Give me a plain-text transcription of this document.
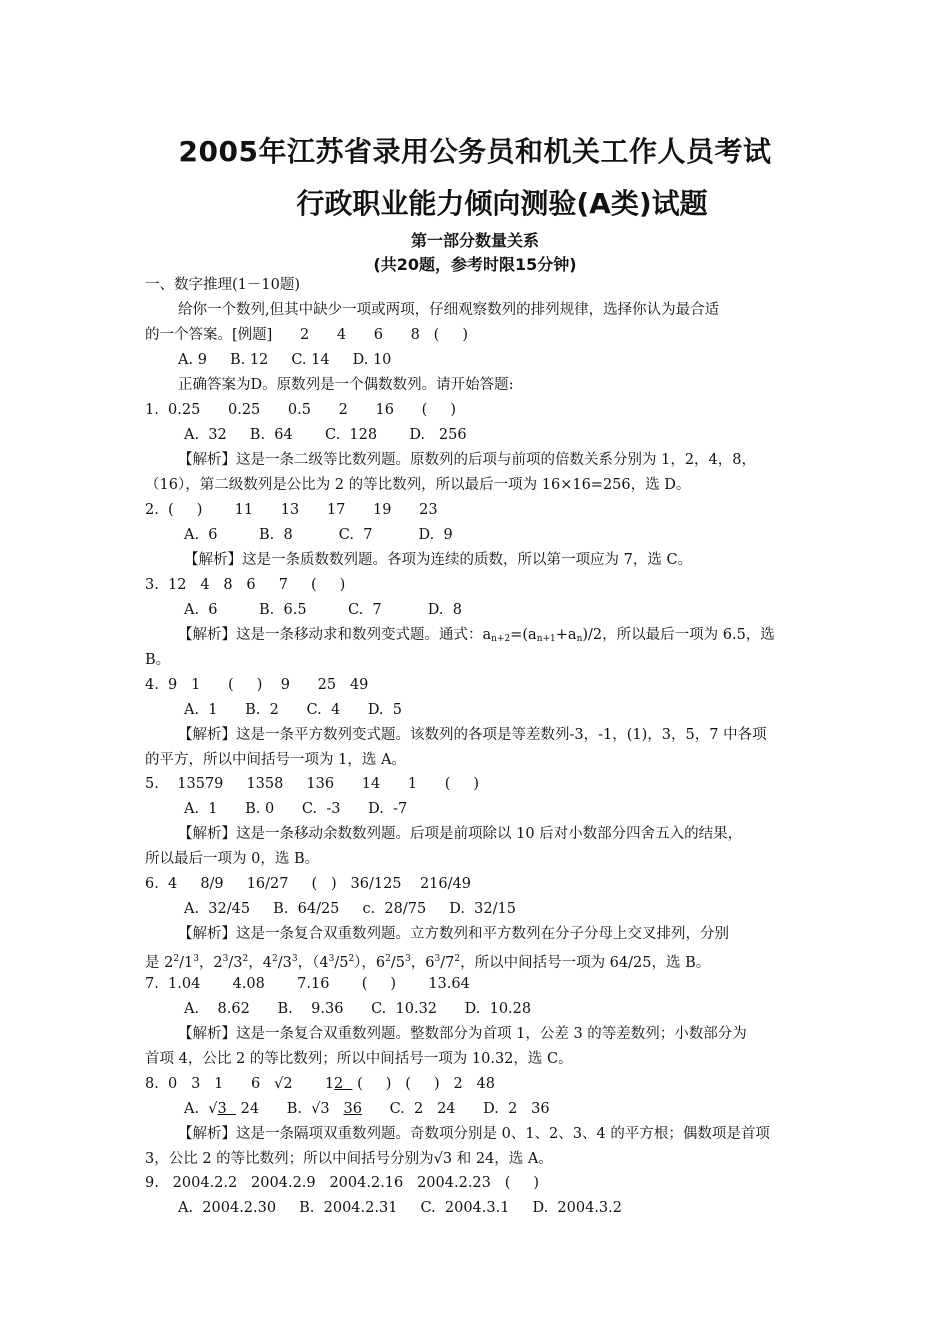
2005年江苏省录用公务员和机关工作人员考试
行政职业能力倾向测验(A类)试题
第一部分数量关系
(共20题，参考时限15分钟)
一、数字推理(1－10题)
给你一个数列,但其中缺少一项或两项，仔细观察数列的排列规律，选择你认为最合适
的一个答案。[例题]      2      4      6      8   (     )
A. 9     B. 12     C. 14     D. 10
正确答案为D。原数列是一个偶数数列。请开始答题:
1.  0.25      0.25      0.5      2      16      (     )
A.  32     B.  64       C.  128       D.   256
【解析】这是一条二级等比数列题。原数列的后项与前项的倍数关系分别为 1，2，4，8，
（16），第二级数列是公比为 2 的等比数列，所以最后一项为 16×16=256，选 D。
2.  (     )       11      13      17      19      23
A.  6         B.  8          C.  7          D.  9
【解析】这是一条质数数列题。各项为连续的质数，所以第一项应为 7，选 C。
3.  12   4   8   6     7     (     )
A.  6         B.  6.5         C.  7          D.  8
【解析】这是一条移动求和数列变式题。通式：$a_{n+2}=(a_{n+1}+a_n)/2$，所以最后一项为 6.5，选
B。
4.  9   1      (     )    9      25   49
A.  1      B.  2      C.  4      D.  5
【解析】这是一条平方数列变式题。该数列的各项是等差数列-3，-1，(1)，3，5，7 中各项
的平方，所以中间括号一项为 1，选 A。
5.    13579     1358     136      14      1      (     )
A.  1      B. 0      C.  -3      D.  -7
【解析】这是一条移动余数数列题。后项是前项除以 10 后对小数部分四舍五入的结果，
所以最后一项为 0，选 B。
6.  4     8/9     16/27     (   )   36/125    216/49
A.  32/45     B.  64/25     c.  28/75     D.  32/15
【解析】这是一条复合双重数列题。立方数列和平方数列在分子分母上交叉排列，分别
是 $2^2/1^3$，$2^3/3^2$，$4^2/3^3$，$(4^3/5^2)$，$6^2/5^3$，$6^3/7^2$，所以中间括号一项为 64/25，选 B。
7.  1.04       4.08       7.16       (     )       13.64
A.    8.62      B.    9.36      C.  10.32      D.  10.28
【解析】这是一条复合双重数列题。整数部分为首项 1，公差 3 的等差数列；小数部分为
首项 4，公比 2 的等比数列；所以中间括号一项为 10.32，选 C。
8.  0   3   1      6   √2       12   (     )   (     )   2   48
A.  √3   24      B.  √3   36      C.  2   24      D.  2   36
【解析】这是一条隔项双重数列题。奇数项分别是 0、1、2、3、4 的平方根；偶数项是首项
3，公比 2 的等比数列；所以中间括号分别为√3 和 24，选 A。
9.   2004.2.2   2004.2.9   2004.2.16   2004.2.23   (     )
A.  2004.2.30     B.  2004.2.31     C.  2004.3.1     D.  2004.3.2
